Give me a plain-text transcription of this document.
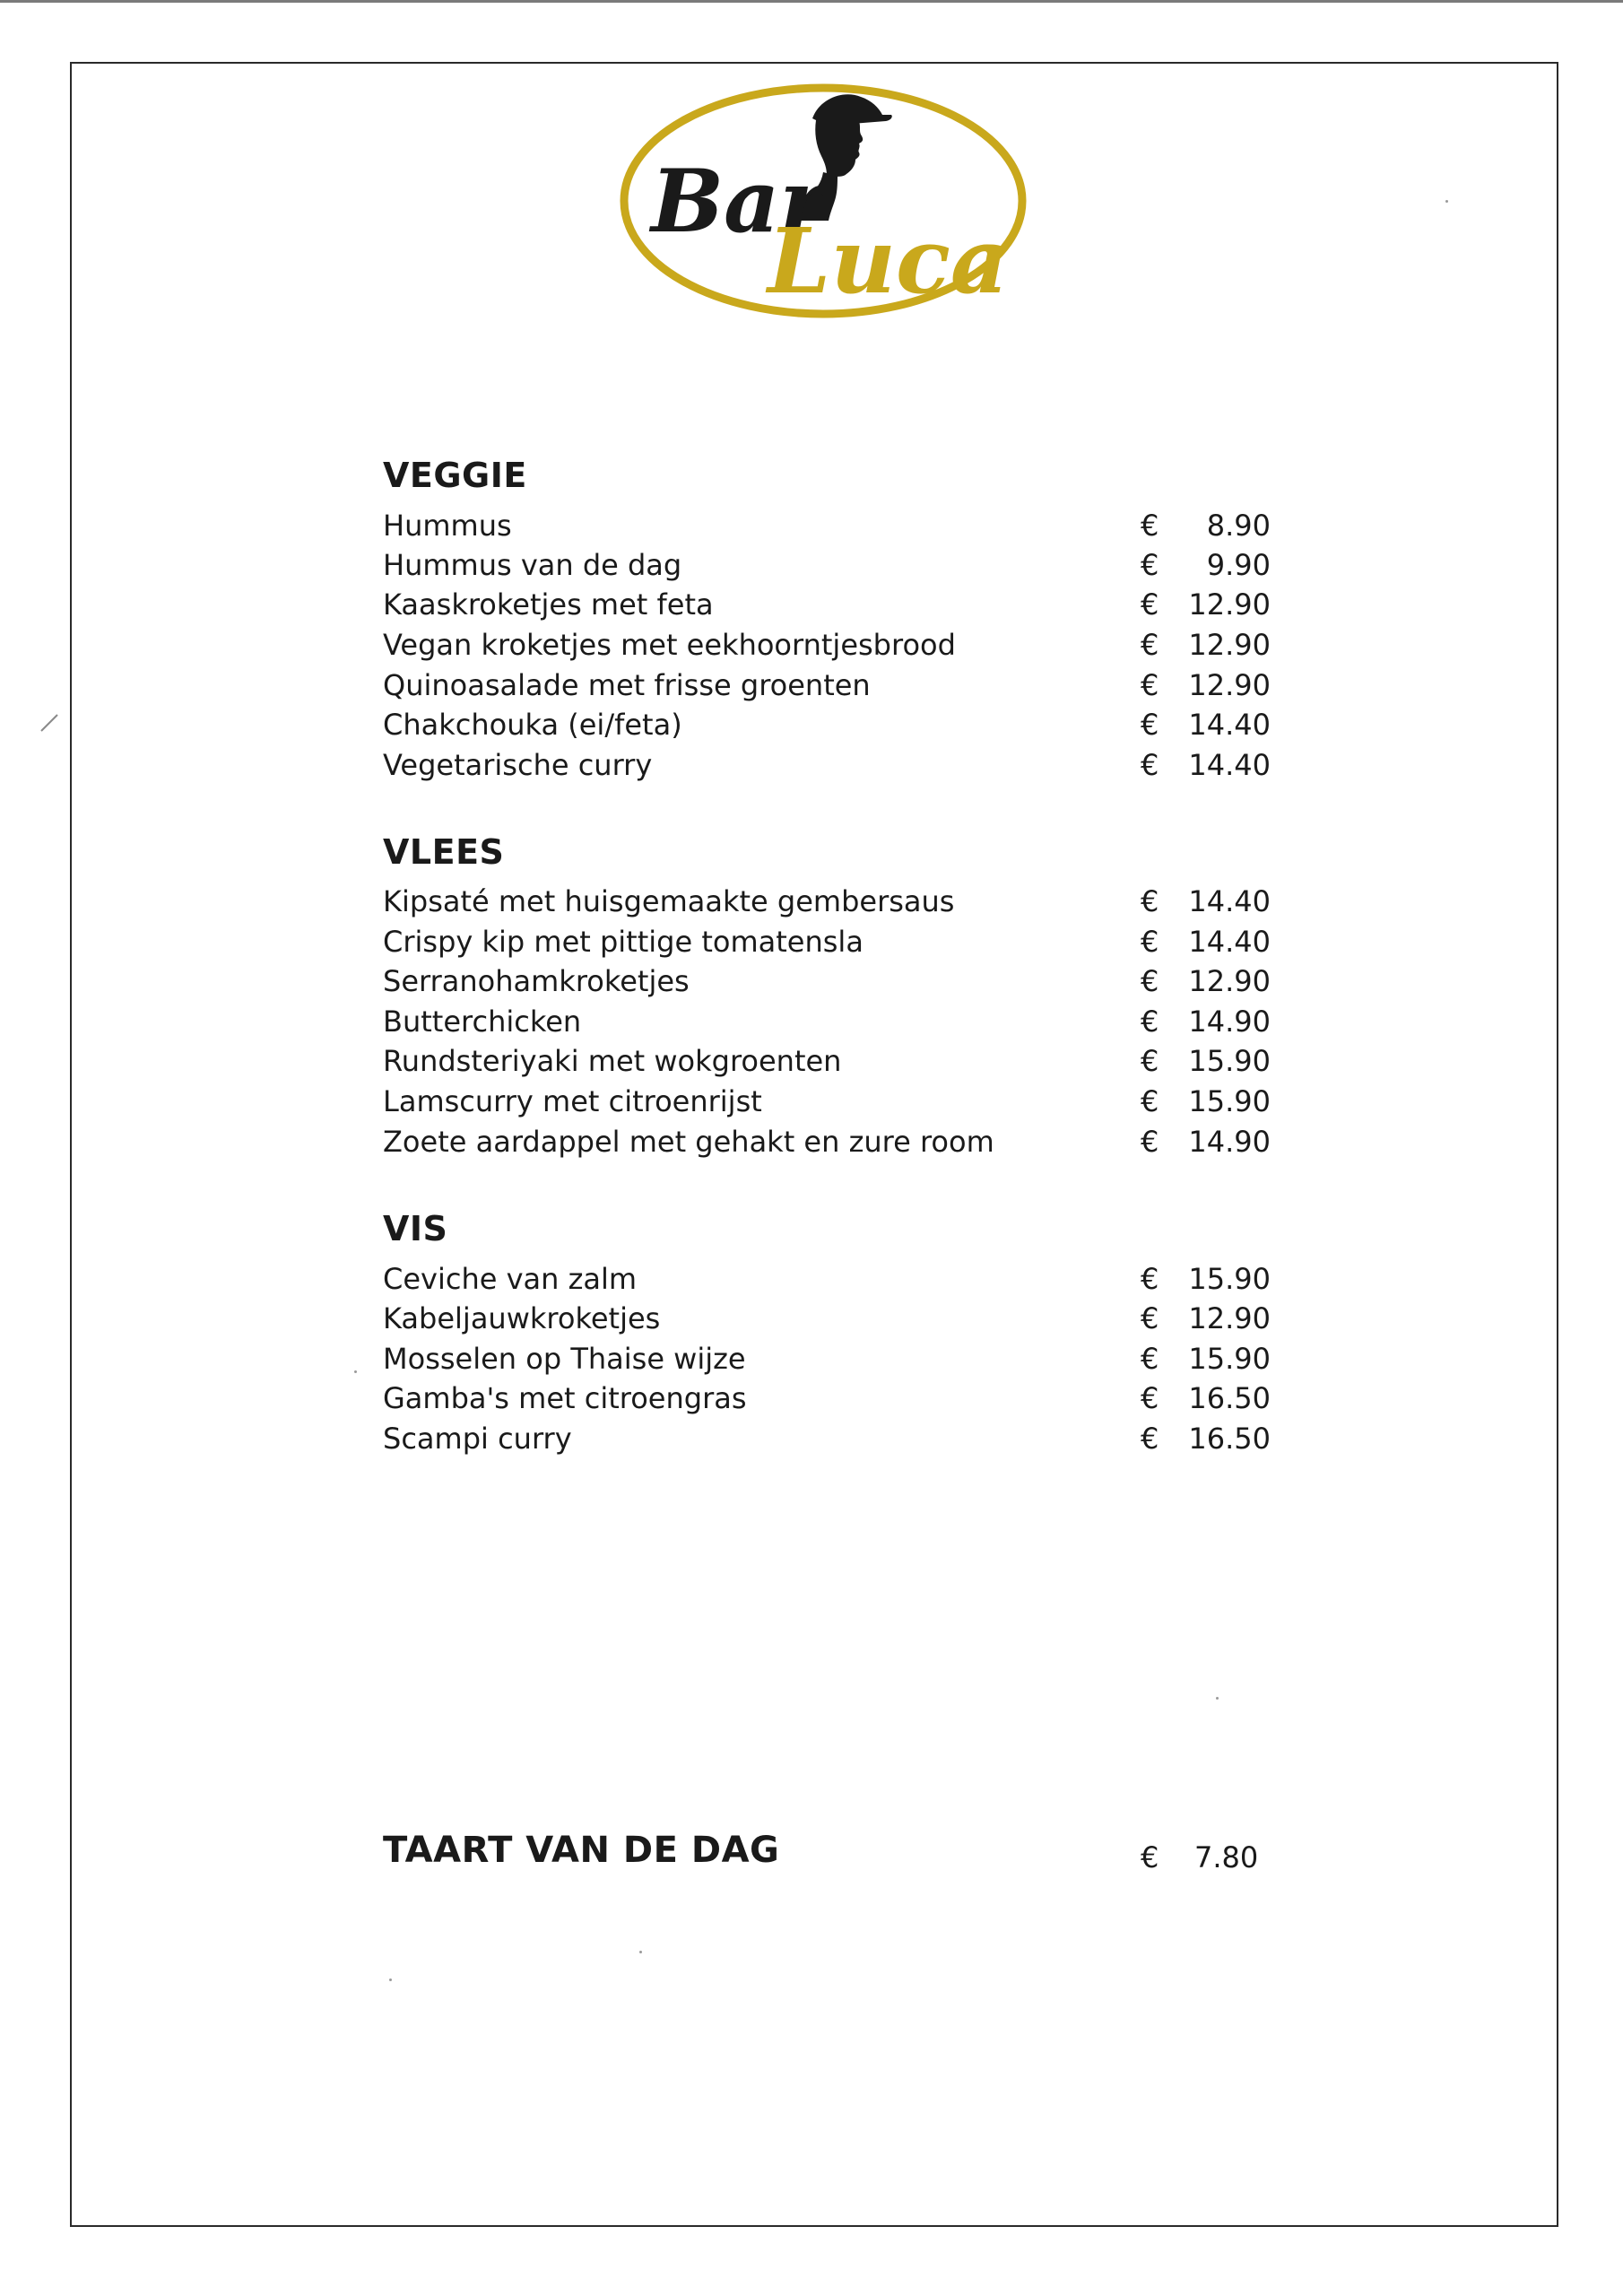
Bar
Luca
VEGGIE
Hummus	€ 8.90
Hummus van de dag	€ 9.90
Kaaskroketjes met feta	€ 12.90
Vegan kroketjes met eekhoorntjesbrood	€ 12.90
Quinoasalade met frisse groenten	€ 12.90
Chakchouka (ei/feta)	€ 14.40
Vegetarische curry	€ 14.40
VLEES
Kipsaté met huisgemaakte gembersaus	€ 14.40
Crispy kip met pittige tomatensla	€ 14.40
Serranohamkroketjes	€ 12.90
Butterchicken	€ 14.90
Rundsteriyaki met wokgroenten	€ 15.90
Lamscurry met citroenrijst	€ 15.90
Zoete aardappel met gehakt en zure room	€ 14.90
VIS
Ceviche van zalm	€ 15.90
Kabeljauwkroketjes	€ 12.90
Mosselen op Thaise wijze	€ 15.90
Gamba's met citroengras	€ 16.50
Scampi curry	€ 16.50
TAART VAN DE DAG	€ 7.80
